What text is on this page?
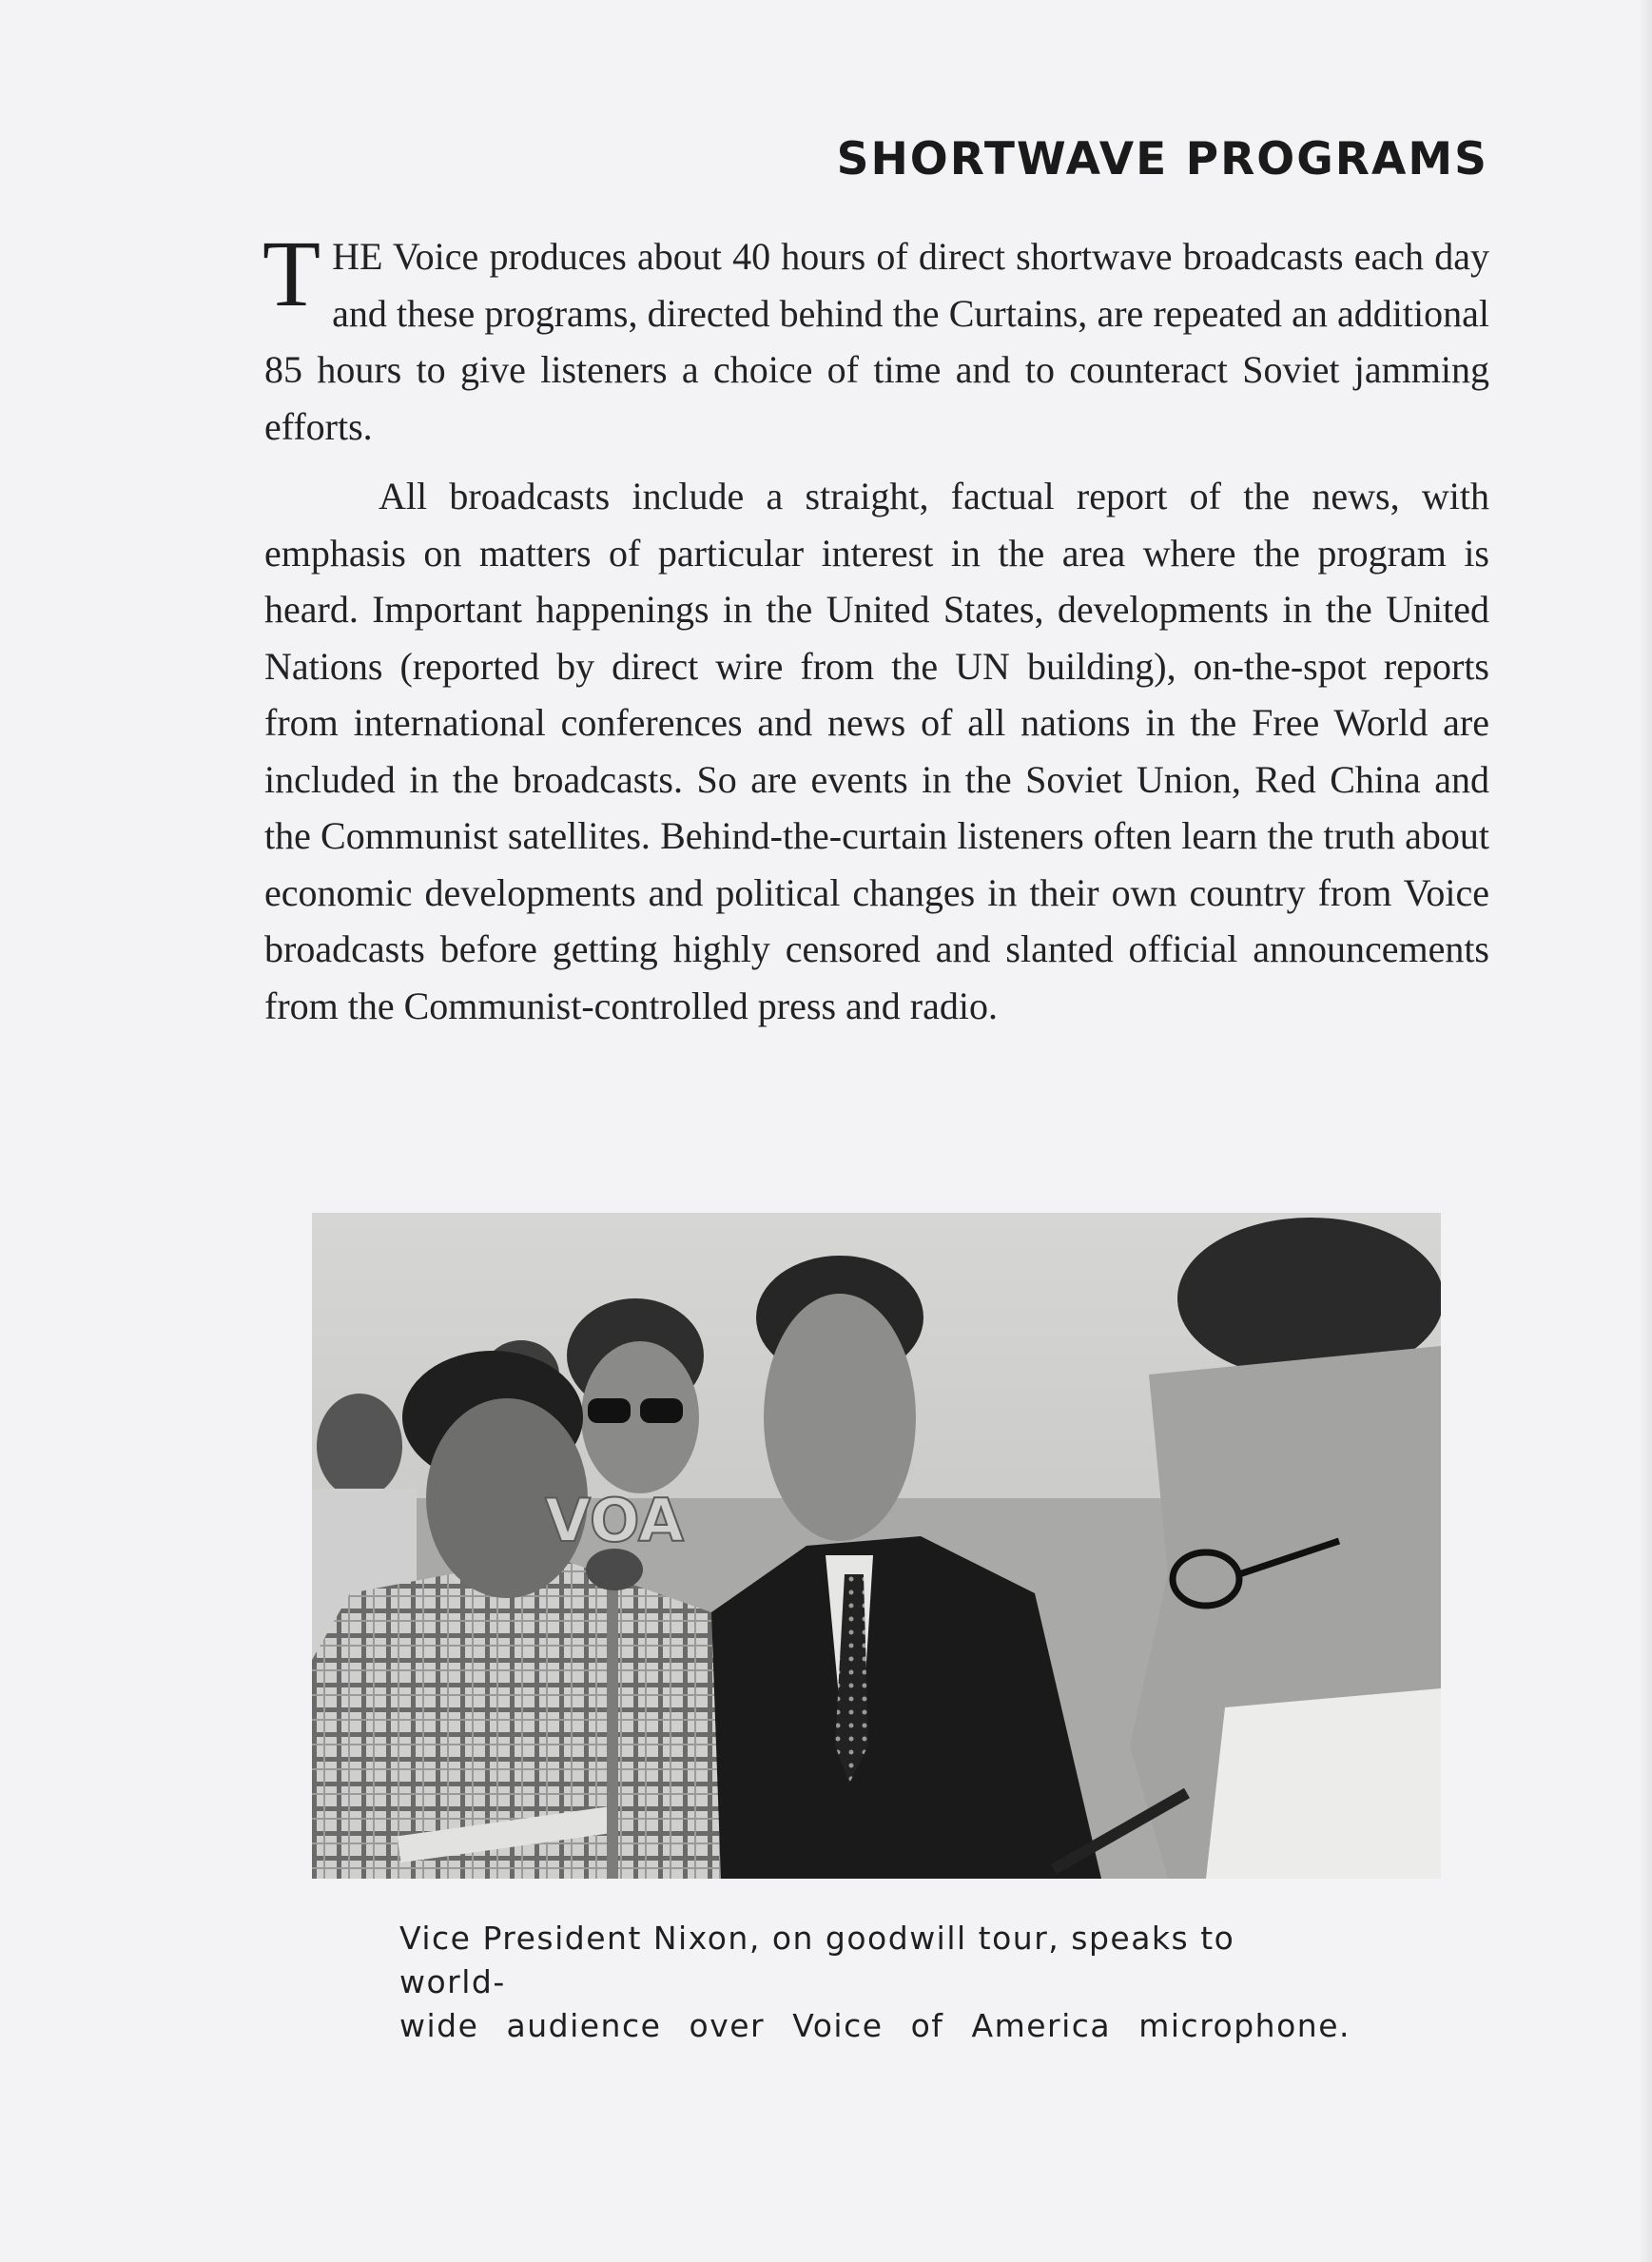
SHORTWAVE PROGRAMS

THE Voice produces about 40 hours of direct shortwave broadcasts each day and these programs, directed behind the Curtains, are repeated an additional 85 hours to give listeners a choice of time and to counteract Soviet jamming efforts.

All broadcasts include a straight, factual report of the news, with emphasis on matters of particular interest in the area where the program is heard. Important happenings in the United States, developments in the United Nations (reported by direct wire from the UN building), on-the-spot reports from international conferences and news of all nations in the Free World are included in the broadcasts. So are events in the Soviet Union, Red China and the Communist satellites. Behind-the-curtain listeners often learn the truth about economic developments and political changes in their own country from Voice broadcasts before getting highly censored and slanted official announcements from the Communist-controlled press and radio.

VOA

Vice President Nixon, on goodwill tour, speaks to world-
wide audience over Voice of America microphone.
